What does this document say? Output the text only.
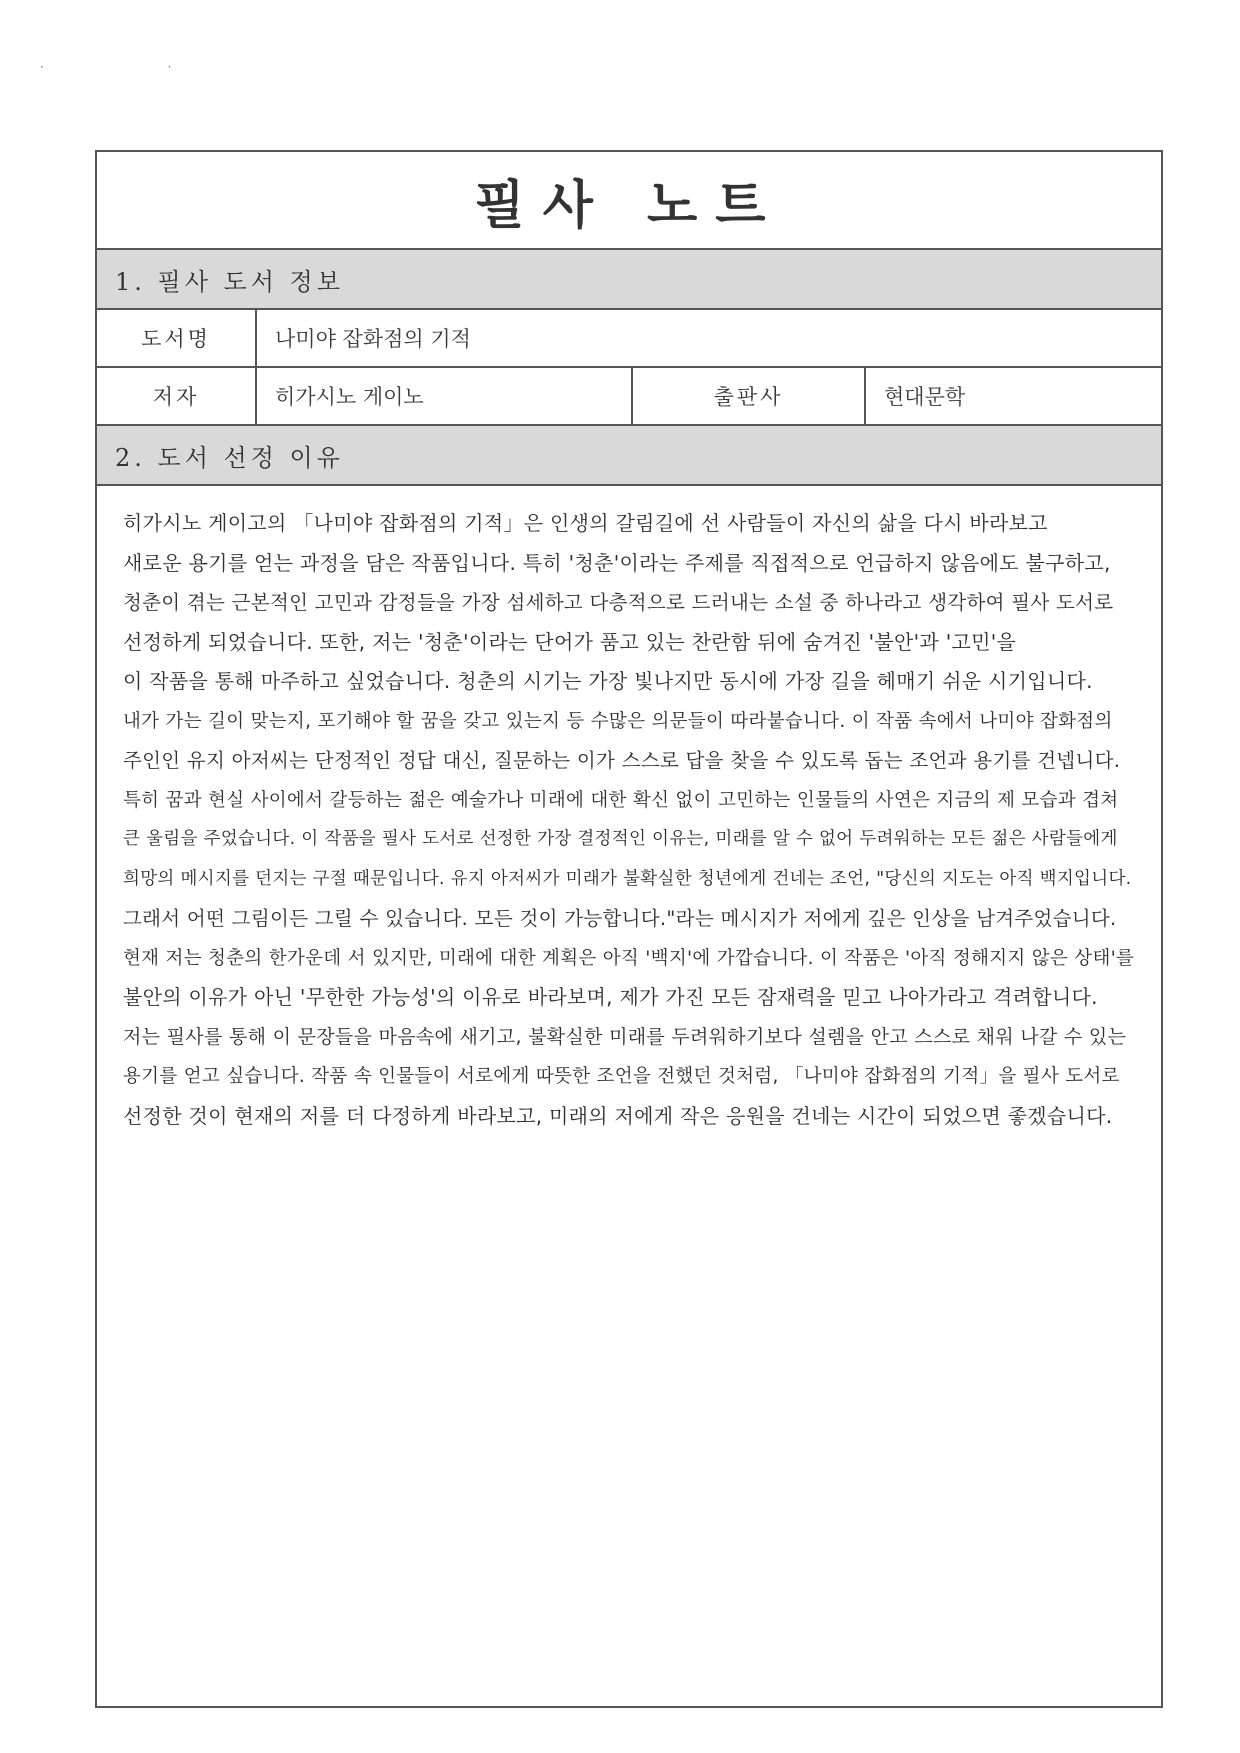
· ·
필사 노트
1. 필사 도서 정보
도서명	나미야 잡화점의 기적
저자	히가시노 게이노	출판사	현대문학
2. 도서 선정 이유
히가시노 게이고의 「나미야 잡화점의 기적」은 인생의 갈림길에 선 사람들이 자신의 삶을 다시 바라보고
새로운 용기를 얻는 과정을 담은 작품입니다. 특히 '청춘'이라는 주제를 직접적으로 언급하지 않음에도 불구하고,
청춘이 겪는 근본적인 고민과 감정들을 가장 섬세하고 다층적으로 드러내는 소설 중 하나라고 생각하여 필사 도서로
선정하게 되었습니다. 또한, 저는 '청춘'이라는 단어가 품고 있는 찬란함 뒤에 숨겨진 '불안'과 '고민'을
이 작품을 통해 마주하고 싶었습니다. 청춘의 시기는 가장 빛나지만 동시에 가장 길을 헤매기 쉬운 시기입니다.
내가 가는 길이 맞는지, 포기해야 할 꿈을 갖고 있는지 등 수많은 의문들이 따라붙습니다. 이 작품 속에서 나미야 잡화점의
주인인 유지 아저씨는 단정적인 정답 대신, 질문하는 이가 스스로 답을 찾을 수 있도록 돕는 조언과 용기를 건넵니다.
특히 꿈과 현실 사이에서 갈등하는 젊은 예술가나 미래에 대한 확신 없이 고민하는 인물들의 사연은 지금의 제 모습과 겹쳐
큰 울림을 주었습니다. 이 작품을 필사 도서로 선정한 가장 결정적인 이유는, 미래를 알 수 없어 두려워하는 모든 젊은 사람들에게
희망의 메시지를 던지는 구절 때문입니다. 유지 아저씨가 미래가 불확실한 청년에게 건네는 조언, "당신의 지도는 아직 백지입니다.
그래서 어떤 그림이든 그릴 수 있습니다. 모든 것이 가능합니다."라는 메시지가 저에게 깊은 인상을 남겨주었습니다.
현재 저는 청춘의 한가운데 서 있지만, 미래에 대한 계획은 아직 '백지'에 가깝습니다. 이 작품은 '아직 정해지지 않은 상태'를
불안의 이유가 아닌 '무한한 가능성'의 이유로 바라보며, 제가 가진 모든 잠재력을 믿고 나아가라고 격려합니다.
저는 필사를 통해 이 문장들을 마음속에 새기고, 불확실한 미래를 두려워하기보다 설렘을 안고 스스로 채워 나갈 수 있는
용기를 얻고 싶습니다. 작품 속 인물들이 서로에게 따뜻한 조언을 전했던 것처럼, 「나미야 잡화점의 기적」을 필사 도서로
선정한 것이 현재의 저를 더 다정하게 바라보고, 미래의 저에게 작은 응원을 건네는 시간이 되었으면 좋겠습니다.
